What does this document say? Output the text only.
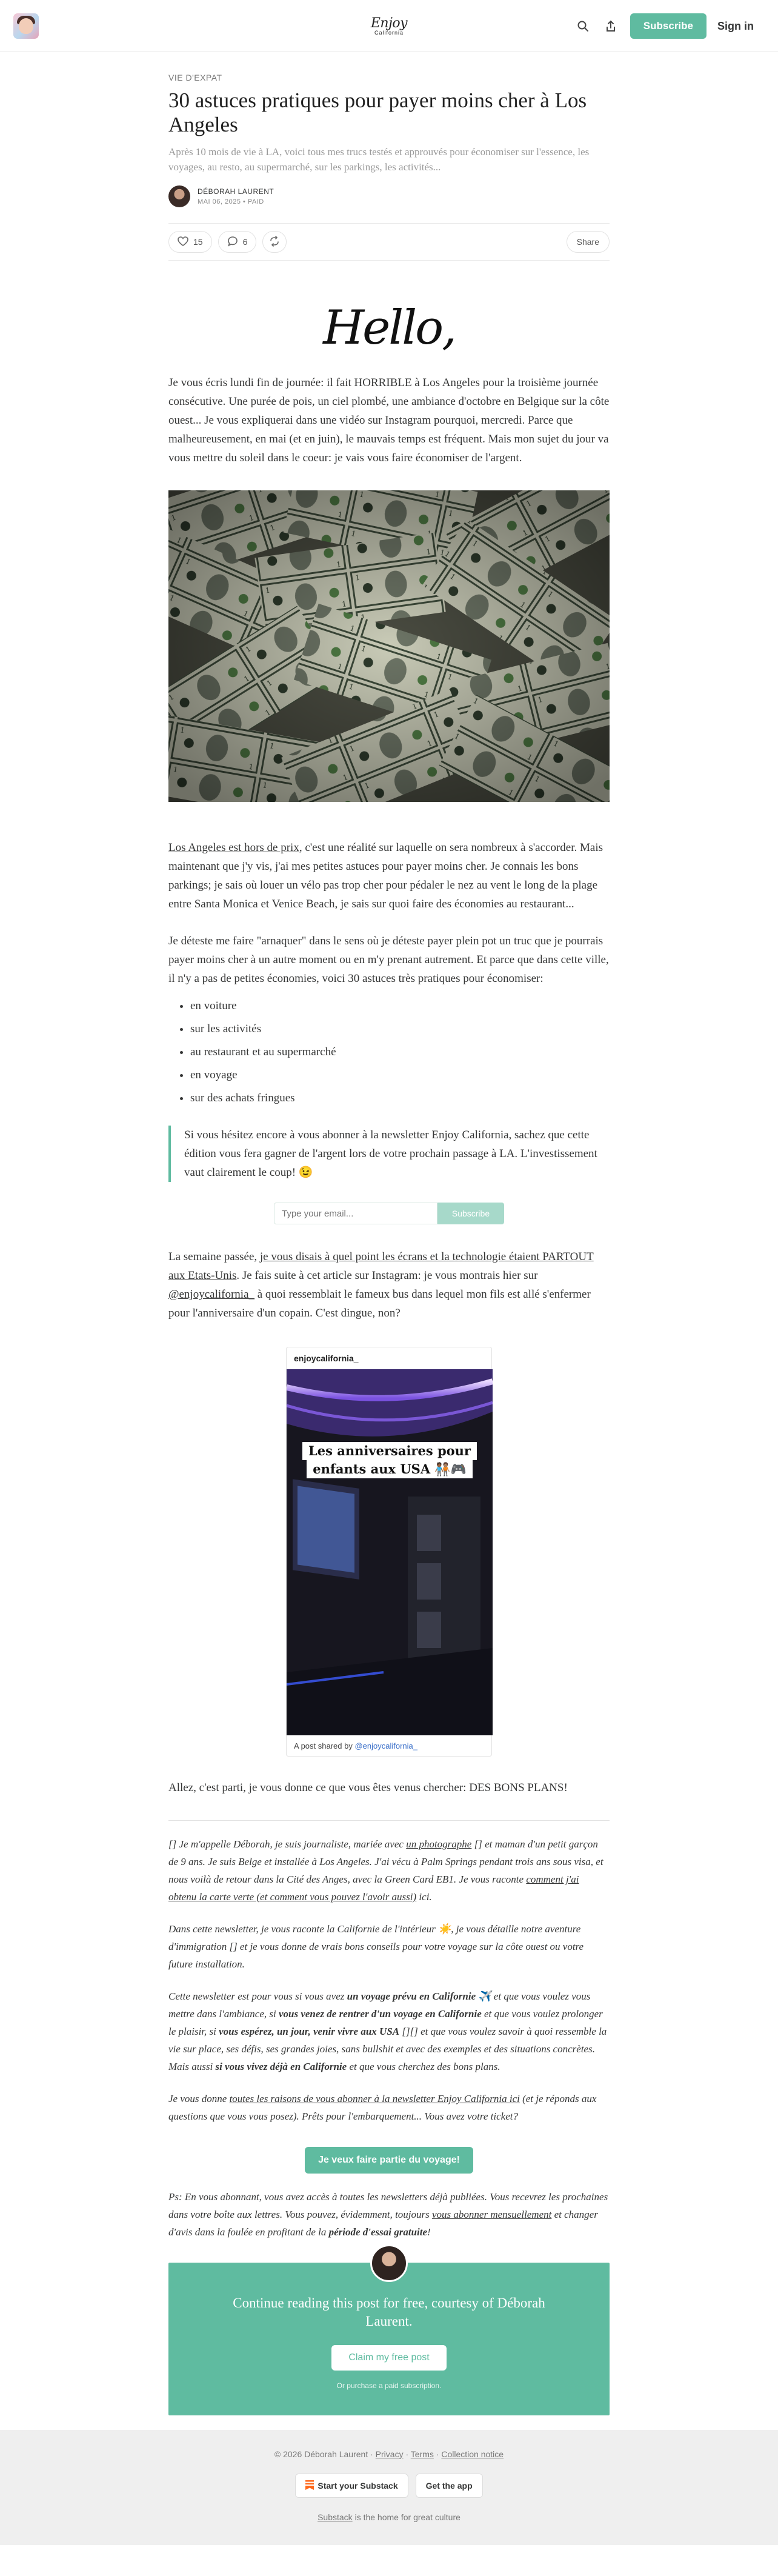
Enjoy
California
Subscribe	Sign in
VIE D'EXPAT
30 astuces pratiques pour payer moins cher à Los Angeles
Après 10 mois de vie à LA, voici tous mes trucs testés et approuvés pour économiser sur l'essence, les voyages, au resto, au supermarché, sur les parkings, les activités...
DÉBORAH LAURENT
MAI 06, 2025 • PAID
15	6	Share
Hello,

Je vous écris lundi fin de journée: il fait HORRIBLE à Los Angeles pour la troisième journée consécutive. Une purée de pois, un ciel plombé, une ambiance d'octobre en Belgique sur la côte ouest... Je vous expliquerai dans une vidéo sur Instagram pourquoi, mercredi. Parce que malheureusement, en mai (et en juin), le mauvais temps est fréquent. Mais mon sujet du jour va vous mettre du soleil dans le coeur: je vais vous faire économiser de l'argent.

Los Angeles est hors de prix, c'est une réalité sur laquelle on sera nombreux à s'accorder. Mais maintenant que j'y vis, j'ai mes petites astuces pour payer moins cher. Je connais les bons parkings; je sais où louer un vélo pas trop cher pour pédaler le nez au vent le long de la plage entre Santa Monica et Venice Beach, je sais sur quoi faire des économies au restaurant...

Je déteste me faire "arnaquer" dans le sens où je déteste payer plein pot un truc que je pourrais payer moins cher à un autre moment ou en m'y prenant autrement. Et parce que dans cette ville, il n'y a pas de petites économies, voici 30 astuces très pratiques pour économiser:

• en voiture
• sur les activités
• au restaurant et au supermarché
• en voyage
• sur des achats fringues
Si vous hésitez encore à vous abonner à la newsletter Enjoy California, sachez que cette édition vous fera gagner de l'argent lors de votre prochain passage à LA. L'investissement vaut clairement le coup! 😉
Type your email...
Subscribe

La semaine passée, je vous disais à quel point les écrans et la technologie étaient PARTOUT aux Etats-Unis. Je fais suite à cet article sur Instagram: je vous montrais hier sur @enjoycalifornia_ à quoi ressemblait le fameux bus dans lequel mon fils est allé s'enfermer pour l'anniversaire d'un copain. C'est dingue, non?

enjoycalifornia_
Les anniversaires pour
enfants aux USA 🧑🏾‍🤝‍🧑🏽🎮
A post shared by
@enjoycalifornia_

Allez, c'est parti, je vous donne ce que vous êtes venus chercher: DES BONS PLANS!

[] Je m'appelle Déborah, je suis journaliste, mariée avec un photographe [] et maman d'un petit garçon de 9 ans. Je suis Belge et installée à Los Angeles. J'ai vécu à Palm Springs pendant trois ans sous visa, et nous voilà de retour dans la Cité des Anges, avec la Green Card EB1. Je vous raconte comment j'ai obtenu la carte verte (et comment vous pouvez l'avoir aussi) ici.

Dans cette newsletter, je vous raconte la Californie de l'intérieur ☀️, je vous détaille notre aventure d'immigration [] et je vous donne de vrais bons conseils pour votre voyage sur la côte ouest ou votre future installation.

Cette newsletter est pour vous si vous avez un voyage prévu en Californie ✈️ et que vous voulez vous mettre dans l'ambiance, si vous venez de rentrer d'un voyage en Californie et que vous voulez prolonger le plaisir, si vous espérez, un jour, venir vivre aux USA [][] et que vous voulez savoir à quoi ressemble la vie sur place, ses défis, ses grandes joies, sans bullshit et avec des exemples et des situations concrètes. Mais aussi si vous vivez déjà en Californie et que vous cherchez des bons plans.

Je vous donne toutes les raisons de vous abonner à la newsletter Enjoy California ici (et je réponds aux questions que vous vous posez). Prêts pour l'embarquement... Vous avez votre ticket?

Je veux faire partie du voyage!

Ps: En vous abonnant, vous avez accès à toutes les newsletters déjà publiées. Vous recevrez les prochaines dans votre boîte aux lettres. Vous pouvez, évidemment, toujours vous abonner mensuellement et changer d'avis dans la foulée en profitant de la période d'essai gratuite!

Continue reading this post for free, courtesy of Déborah Laurent.
Claim my free post
Or purchase a paid subscription.
© 2026 Déborah Laurent · Privacy · Terms · Collection notice
Start your Substack	Get the app
Substack is the home for great culture
